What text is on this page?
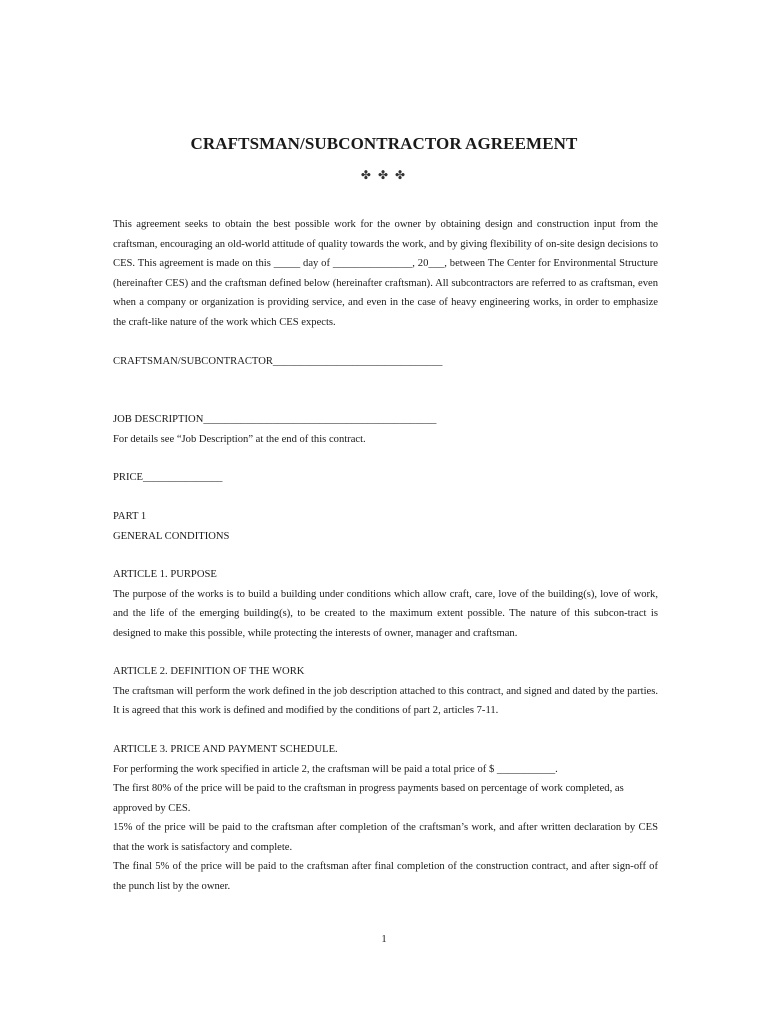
CRAFTSMAN/SUBCONTRACTOR AGREEMENT
✤ ✤ ✤

This agreement seeks to obtain the best possible work for the owner by obtaining design and construction input from the craftsman, encouraging an old-world attitude of quality towards the work, and by giving flexibility of on-site design decisions to CES. This agreement is made on this _____ day of _______________, 20___, between The Center for Environmental Structure (hereinafter CES) and the craftsman defined below (hereinafter craftsman). All subcontractors are referred to as craftsman, even when a company or organization is providing service, and even in the case of heavy engineering works, in order to emphasize the craft-like nature of the work which CES expects.

CRAFTSMAN/SUBCONTRACTOR________________________________
JOB DESCRIPTION____________________________________________
For details see “Job Description” at the end of this contract.
PRICE_______________
PART 1
GENERAL CONDITIONS
ARTICLE 1. PURPOSE

The purpose of the works is to build a building under conditions which allow craft, care, love of the building(s), love of work, and the life of the emerging building(s), to be created to the maximum extent possible. The nature of this subcon-tract is designed to make this possible, while protecting the interests of owner, manager and craftsman.

ARTICLE 2. DEFINITION OF THE WORK

The craftsman will perform the work defined in the job description attached to this contract, and signed and dated by the parties. It is agreed that this work is defined and modified by the conditions of part 2, articles 7-11.

ARTICLE 3. PRICE AND PAYMENT SCHEDULE.

For performing the work specified in article 2, the craftsman will be paid a total price of $ ___________.

The first 80% of the price will be paid to the craftsman in progress payments based on percentage of work completed, as approved by CES.

15% of the price will be paid to the craftsman after completion of the craftsman’s work, and after written declaration by CES that the work is satisfactory and complete.

The final 5% of the price will be paid to the craftsman after final completion of the construction contract, and after sign-off of the punch list by the owner.

1
